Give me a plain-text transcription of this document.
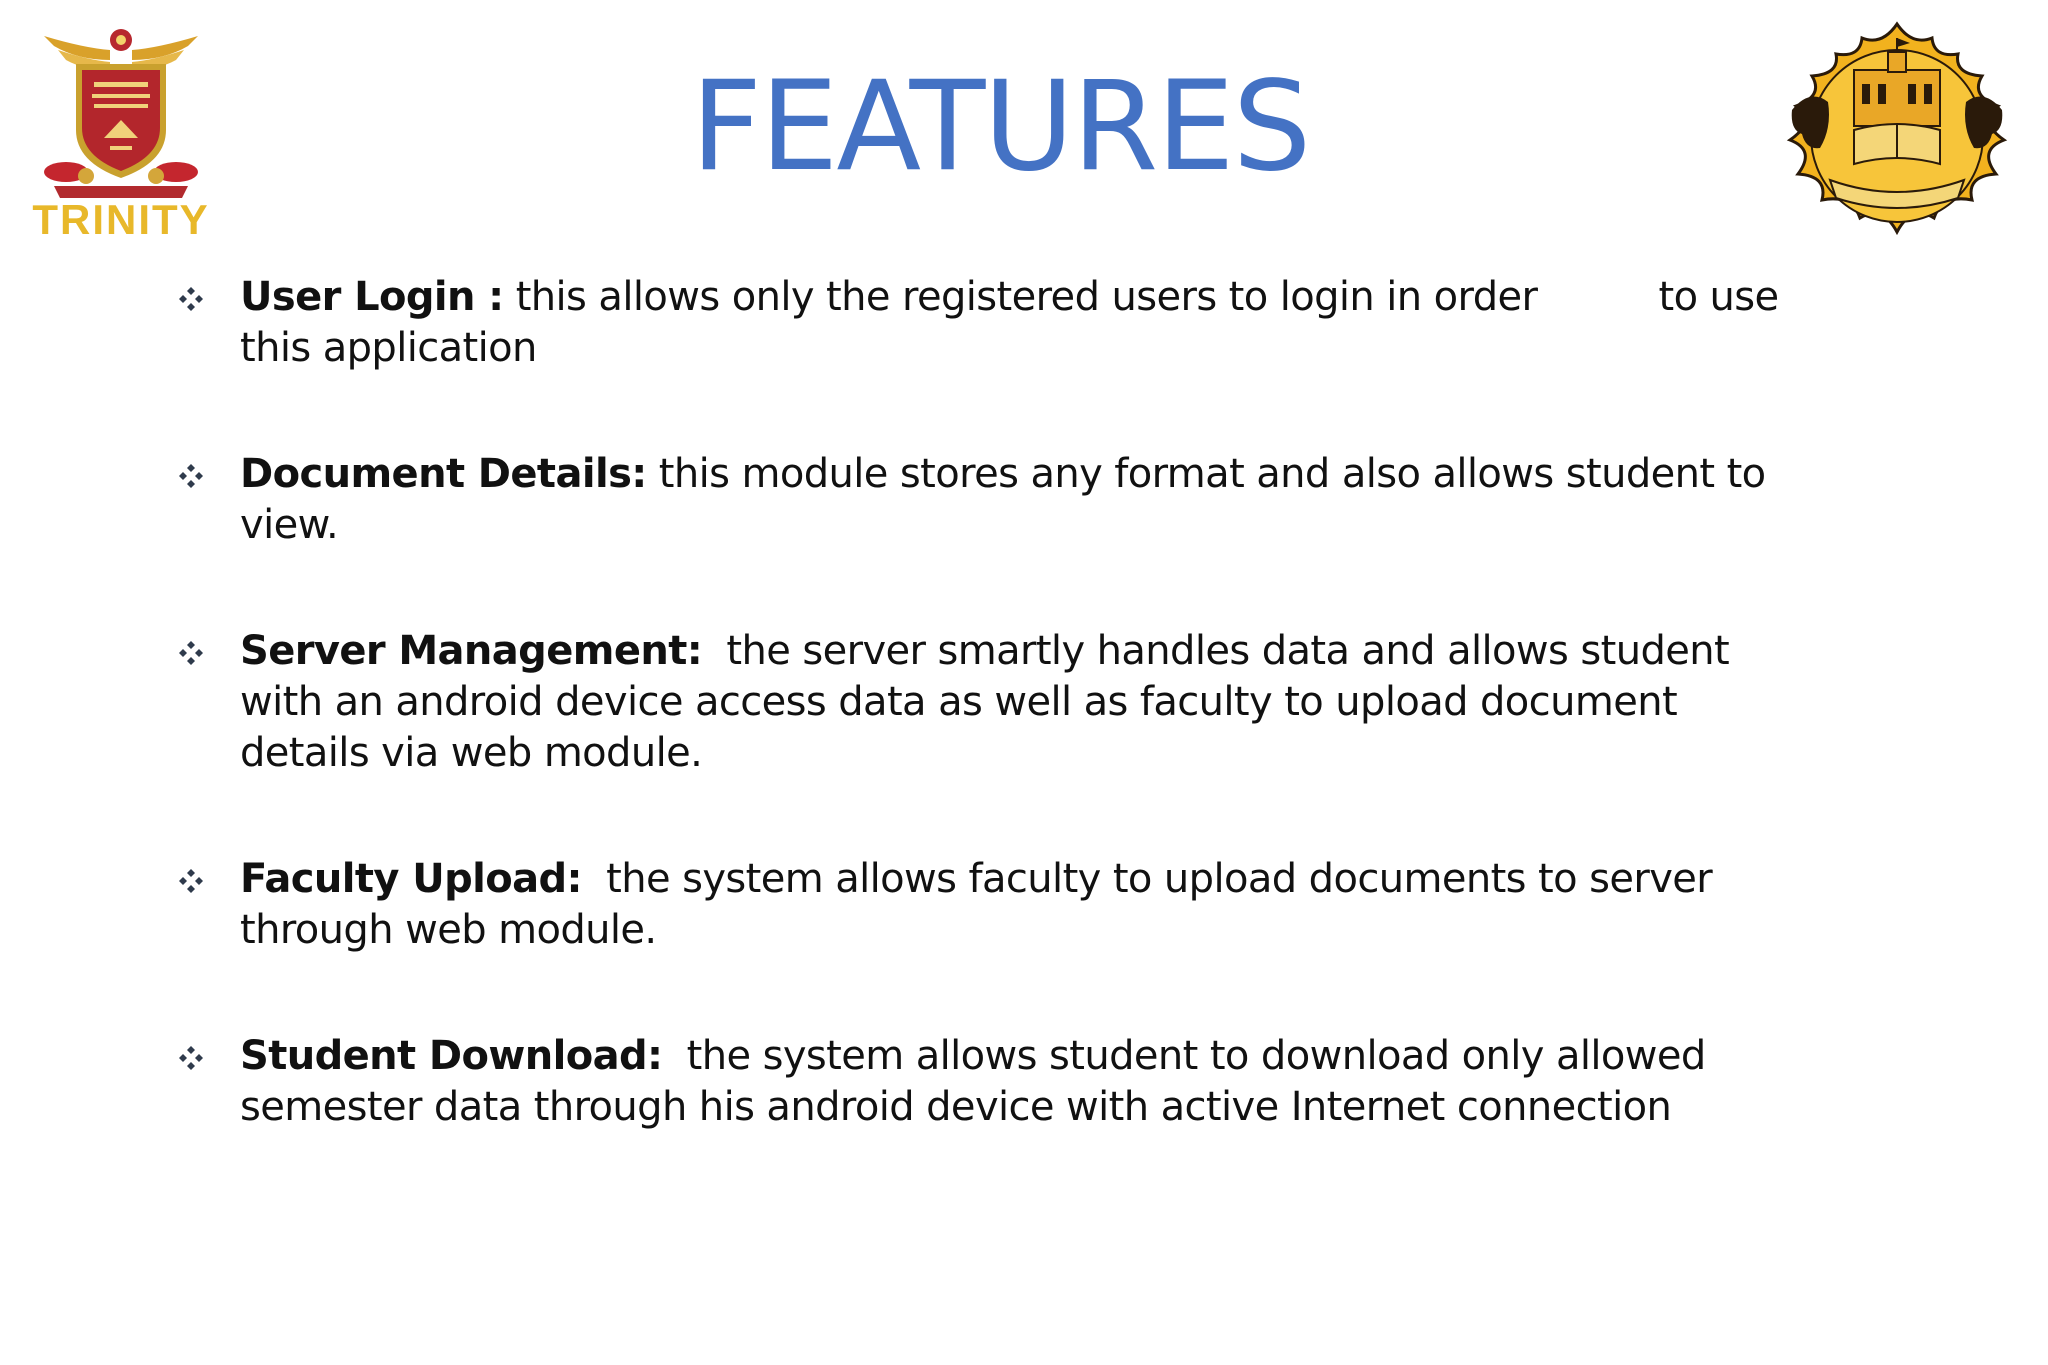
TRINITY
FEATURES
User Login : this allows only the registered users to login in order          to use this application
Document Details: this module stores any format and also allows student to view.
Server Management:  the server smartly handles data and allows student with an android device access data as well as faculty to upload document details via web module.
Faculty Upload:  the system allows faculty to upload documents to server through web module.
Student Download:  the system allows student to download only allowed semester data through his android device with active Internet connection
